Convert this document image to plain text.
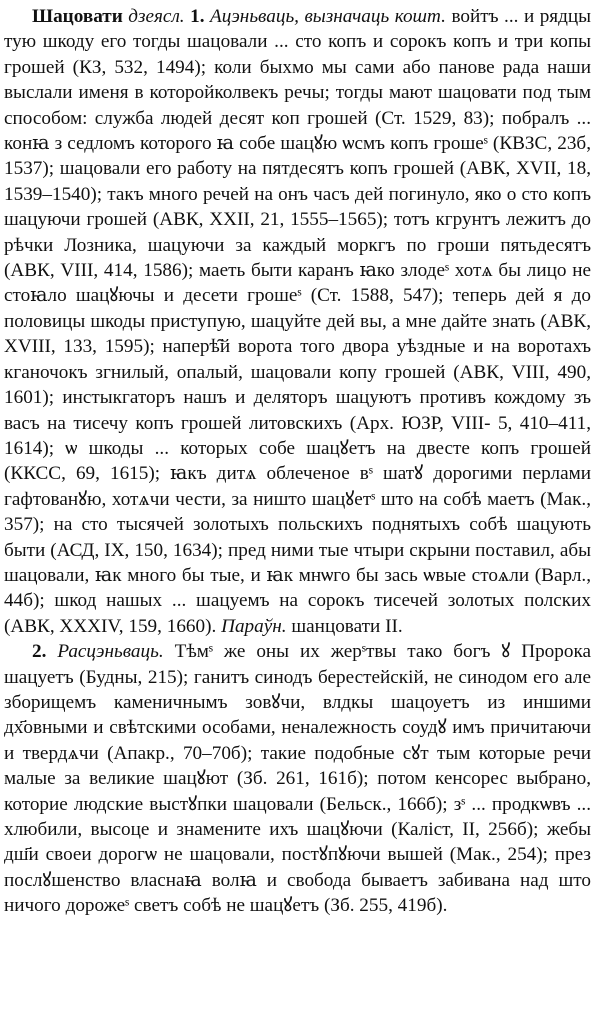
Шацовати дзеясл. 1. Ацэньваць, вызначаць кошт. войтъ ... и рядцы тую шкоду его тогды шацовали ... сто копъ и сорокъ копъ и три копы грошей (КЗ, 532, 1494); коли быхмо мы сами або панове рада наши выслали именя в которойколвекъ речы; тогды мают шацовати под тым способом: служба людей десят коп грошей (Ст. 1529, 83); побралъ ... конꙗ з седломъ которого ꙗ собе шацꙋю ѡсмъ копъ грошеˢ (КВЗС, 23б, 1537); шацовали его работу на пятдесятъ копъ грошей (АВК, XVII, 18, 1539–1540); такъ много речей на онъ часъ дей погинуло, яко о сто копъ шацуючи грошей (АВК, XXII, 21, 1555–1565); тотъ кгрунтъ лежитъ до рѣчки Лозника, шацуючи за каждый моркгъ по гроши пятьдесятъ (АВК, VIII, 414, 1586); маеть быти каранъ ꙗко злодеˢ хотѧ бы лицо не стоꙗло шацꙋючы и десети грошеˢ (Ст. 1588, 547); теперь дей я до половицы шкоды приступую, шацуйте дей вы, а мне дайте знать (АВК, XVIII, 133, 1595); наперѣ̑й ворота того двора уѣздные и на воротахъ кганочокъ згнилый, опалый, шацовали копу грошей (АВК, VIII, 490, 1601); инстыкгаторъ нашъ и деляторъ шацуютъ противъ кождому зъ васъ на тисечу копъ грошей литовскихъ (Арх. ЮЗР, VIII- 5, 410–411, 1614); ѡ шкоды ... которых собе шацꙋетъ на двесте копъ грошей (ККСС, 69, 1615); ꙗкъ дитѧ облеченое вˢ шатꙋ дорогими перлами гафтованꙋю, хотѧчи чести, за ништо шацꙋетˢ што на собѣ маетъ (Мак., 357); на сто тысячей золотыхъ польскихъ поднятыхъ собѣ шацують быти (АСД, IX, 150, 1634); пред ними тые чтыри скрыни поставил, абы шацовали, ꙗк много бы тые, и ꙗк мнѡго бы зась ѡвые стоѧли (Варл., 44б); шкод нашых ... шацуемъ на сорокъ тисечей золотых полских (АВК, XXXIV, 159, 1660). Параўн. шанцовати II.

2. Расцэньваць. Тѣмˢ же оны их жерˢтвы тако богъ ꙋ Пророка шацуетъ (Будны, 215); ганитъ синодъ берестейскій, не синодом его але зборищемъ каменичнымъ зовꙋчи, влдкы шацоуетъ из иншими дх҃овными и свѣтскими особами, неналежность соудꙋ имъ причитаючи и твердѧчи (Апакр., 70–70б); такие подобные сꙋт тым которые речи малые за великие шацꙋют (Зб. 261, 161б); потом кенсорес выбрано, которие людские выстꙋпки шацовали (Бельск., 166б); зˢ ... продкѡвъ ... хлюбили, высоце и знамените ихъ шацꙋючи (Каліст, II, 256б); жебы дш҃и своеи дорогѡ не шацовали, постꙋпꙋючи вышей (Мак., 254); през послꙋшенство власнаꙗ волꙗ и свобода бываетъ забивана над што ничого дорожеˢ светъ собѣ не шацꙋетъ (Зб. 255, 419б).
